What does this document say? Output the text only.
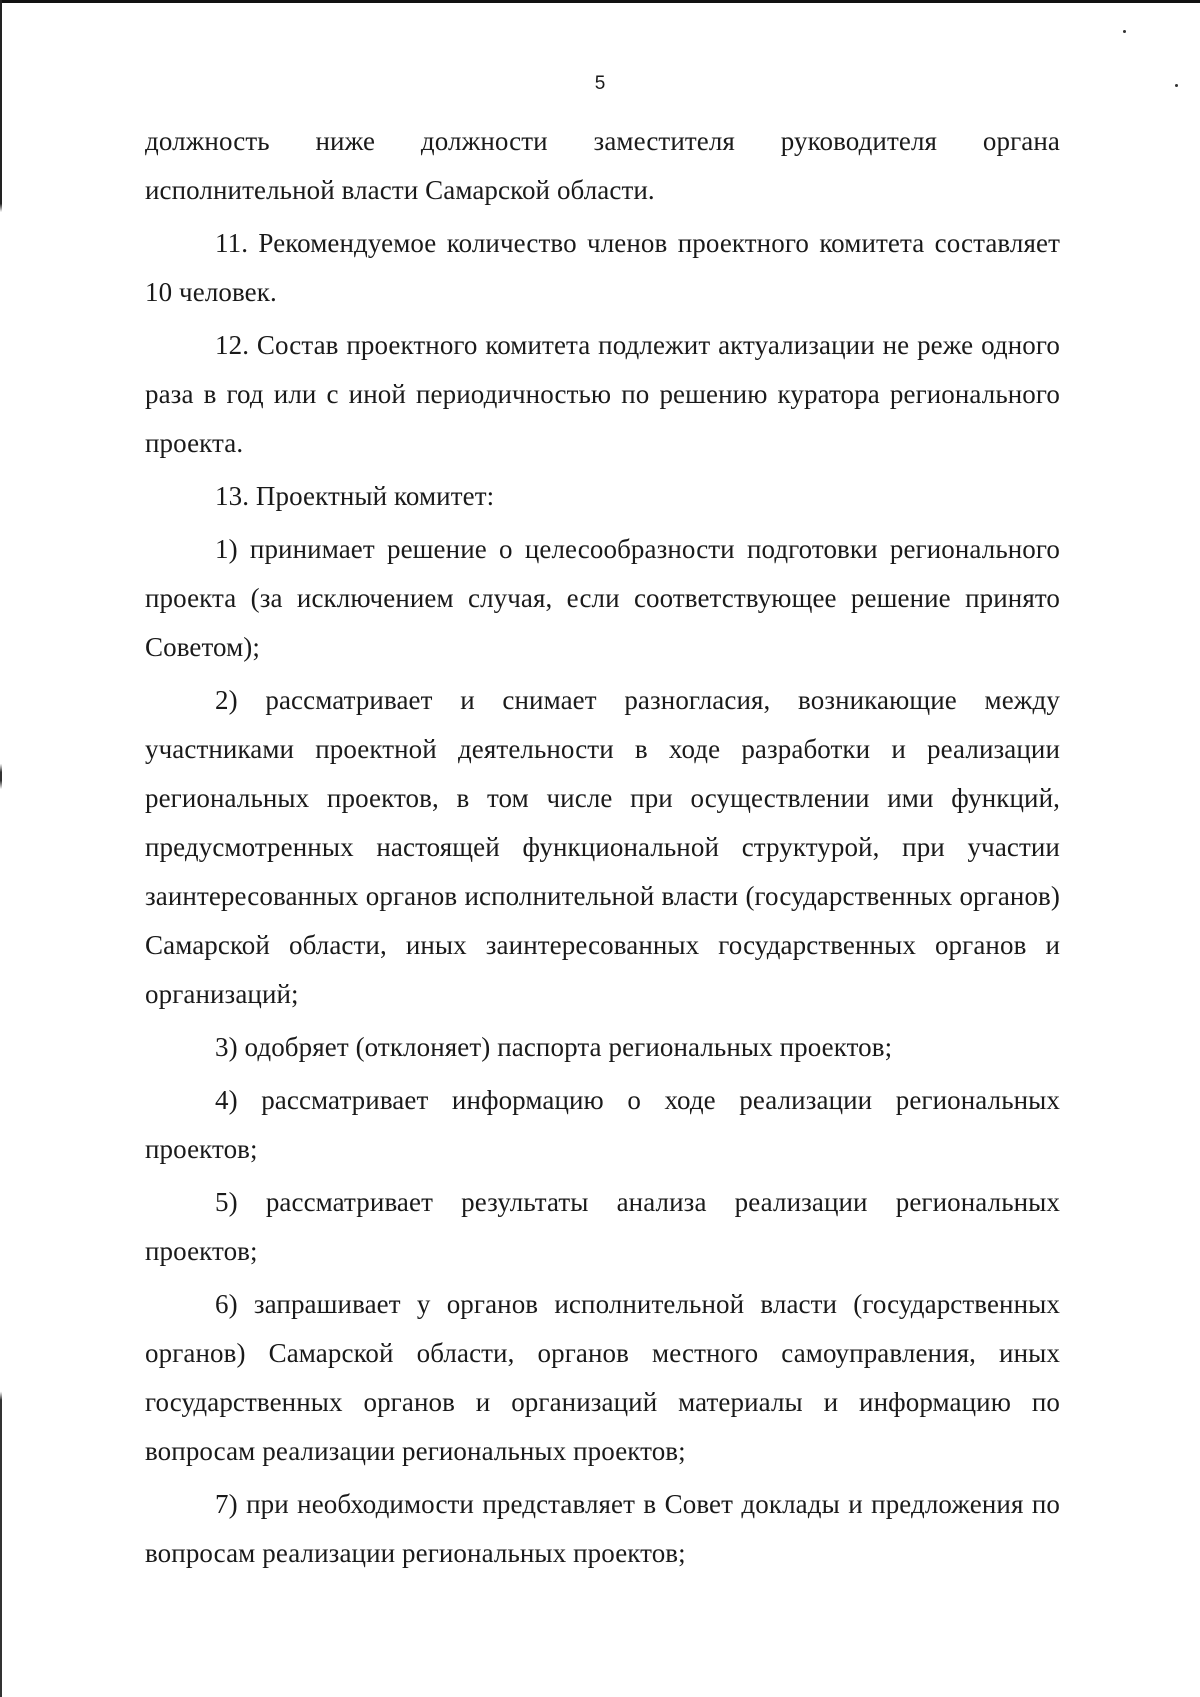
5

должность ниже должности заместителя руководителя органа исполнительной власти Самарской области.

11. Рекомендуемое количество членов проектного комитета составляет 10 человек.

12. Состав проектного комитета подлежит актуализации не реже одного раза в год или с иной периодичностью по решению куратора регионального проекта.

13. Проектный комитет:

1) принимает решение о целесообразности подготовки регионального проекта (за исключением случая, если соответствующее решение принято Советом);

2) рассматривает и снимает разногласия, возникающие между участниками проектной деятельности в ходе разработки и реализации региональных проектов, в том числе при осуществлении ими функций, предусмотренных настоящей функциональной структурой, при участии заинтересованных органов исполнительной власти (государственных органов) Самарской области, иных заинтересованных государственных органов и организаций;

3) одобряет (отклоняет) паспорта региональных проектов;

4) рассматривает информацию о ходе реализации региональных проектов;

5) рассматривает результаты анализа реализации региональных проектов;

6) запрашивает у органов исполнительной власти (государственных органов) Самарской области, органов местного самоуправления, иных государственных органов и организаций материалы и информацию по вопросам реализации региональных проектов;

7) при необходимости представляет в Совет доклады и предложения по вопросам реализации региональных проектов;
